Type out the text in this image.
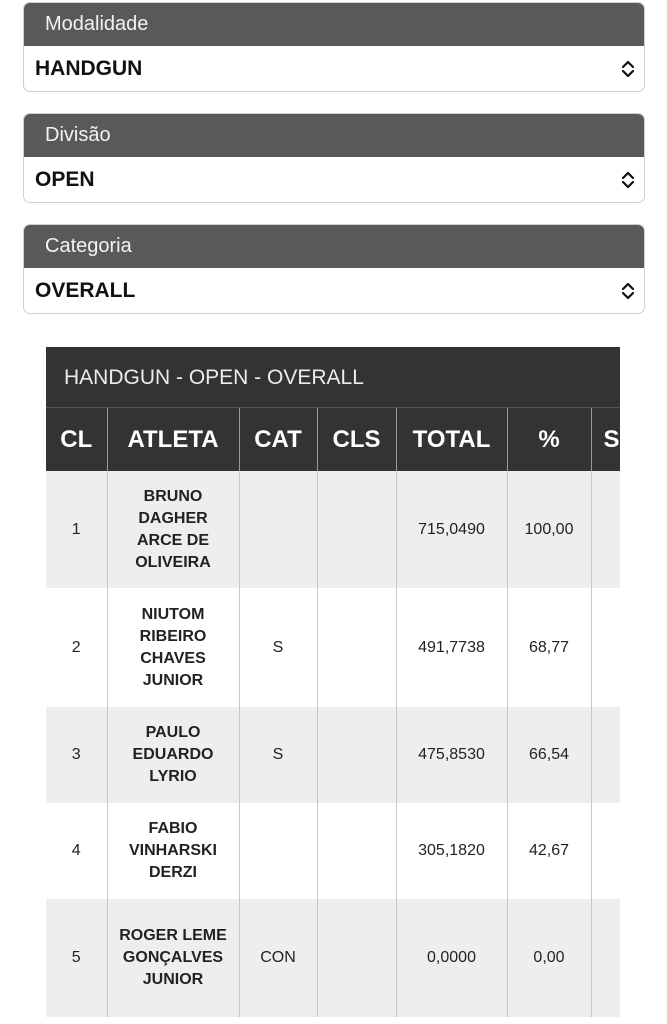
Modalidade
HANDGUN
Divisão
OPEN
Categoria
OVERALL
HANDGUN - OPEN - OVERALL
CL	ATLETA	CAT	CLS	TOTAL	%	S
1	BRUNO DAGHER ARCE DE OLIVEIRA			715,0490	100,00	
2	NIUTOM RIBEIRO CHAVES JUNIOR	S		491,7738	68,77	
3	PAULO EDUARDO LYRIO	S		475,8530	66,54	
4	FABIO VINHARSKI DERZI			305,1820	42,67	
5	ROGER LEME GONÇALVES JUNIOR	CON		0,0000	0,00	
